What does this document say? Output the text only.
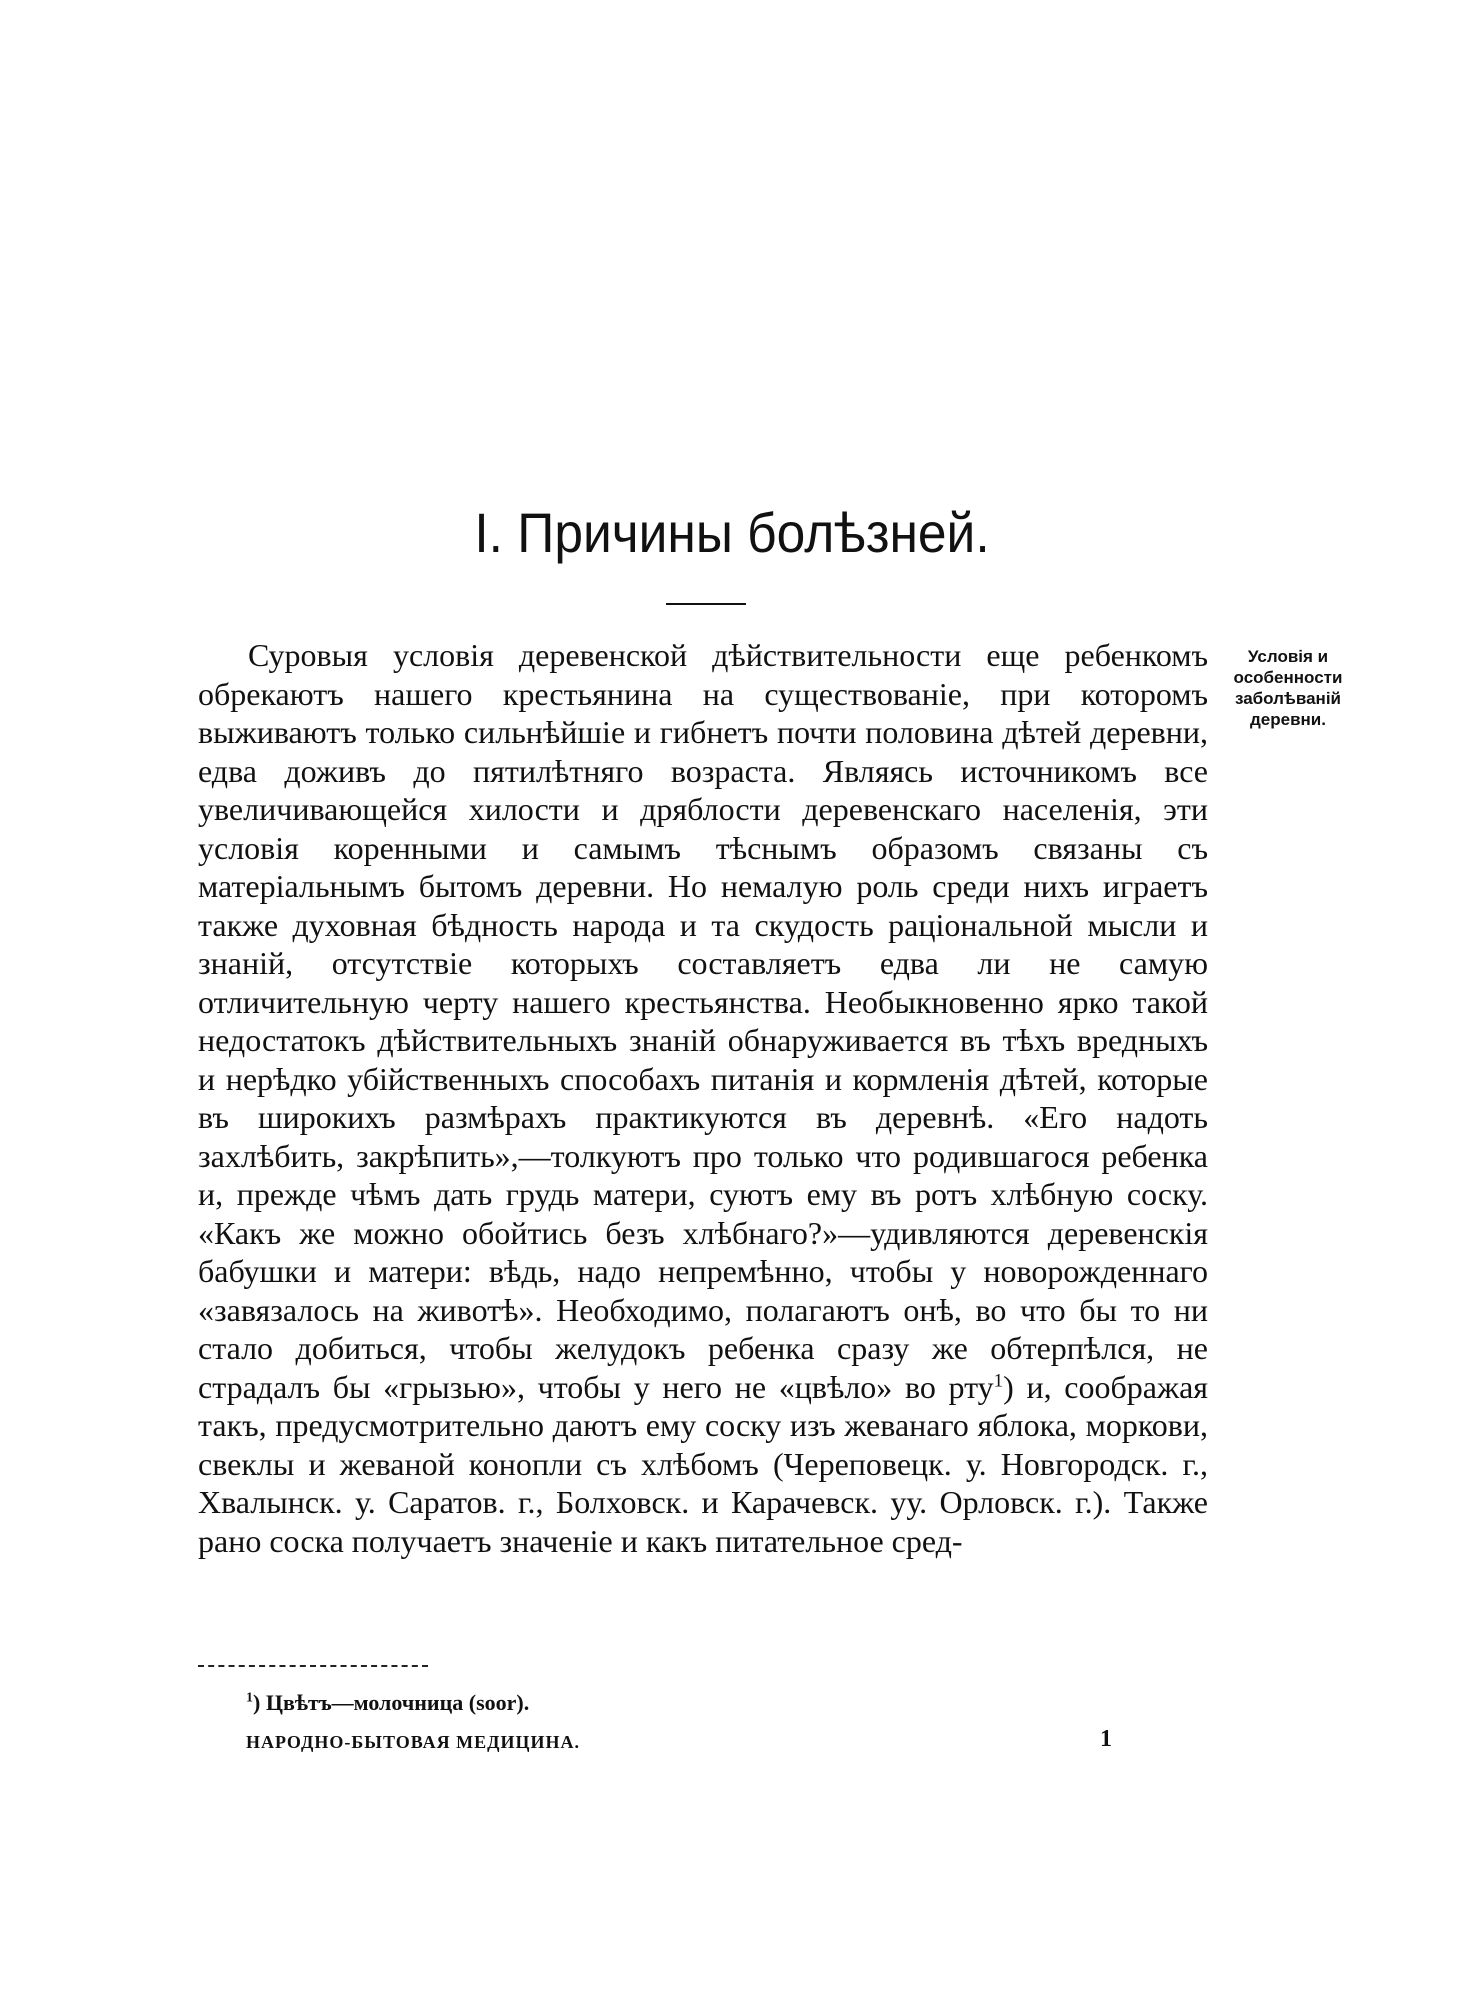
I. Причины болѣзней.

Условія и
особенности
заболѣваній
деревни.

Суровыя условія деревенской дѣйствительности еще ребенкомъ обрекаютъ нашего крестьянина на существованіе, при которомъ выживаютъ только сильнѣйшіе и гибнетъ почти половина дѣтей деревни, едва доживъ до пятилѣтняго возраста. Являясь источникомъ все увеличивающейся хилости и дряблости деревенскаго населенія, эти условія коренными и самымъ тѣснымъ образомъ связаны съ матеріальнымъ бытомъ деревни. Но немалую роль среди нихъ играетъ также духовная бѣдность народа и та скудость раціональной мысли и знаній, отсутствіе которыхъ составляетъ едва ли не самую отличительную черту нашего крестьянства. Необыкновенно ярко такой недостатокъ дѣйствительныхъ знаній обнаруживается въ тѣхъ вредныхъ и нерѣдко убійственныхъ способахъ питанія и кормленія дѣтей, которые въ широкихъ размѣрахъ практикуются въ деревнѣ. «Его надоть захлѣбить, закрѣпить»,—толкуютъ про только что родившагося ребенка и, прежде чѣмъ дать грудь матери, суютъ ему въ ротъ хлѣбную соску. «Какъ же можно обойтись безъ хлѣбнаго?»—удивляются деревенскія бабушки и матери: вѣдь, надо непремѣнно, чтобы у новорожденнаго «завязалось на животѣ». Необходимо, полагаютъ онѣ, во что бы то ни стало добиться, чтобы желудокъ ребенка сразу же обтерпѣлся, не страдалъ бы «грызью», чтобы у него не «цвѣло» во рту$^1$) и, соображая такъ, предусмотрительно даютъ ему соску изъ жеванаго яблока, моркови, свеклы и жеваной конопли съ хлѣбомъ (Череповецк. у. Новгородск. г., Хвалынск. у. Саратов. г., Болховск. и Карачевск. уу. Орловск. г.). Также рано соска получаетъ значеніе и какъ питательное сред-

$^1$) Цвѣтъ—молочница (soor).

НАРОДНО-БЫТОВАЯ МЕДИЦИНА.	1
